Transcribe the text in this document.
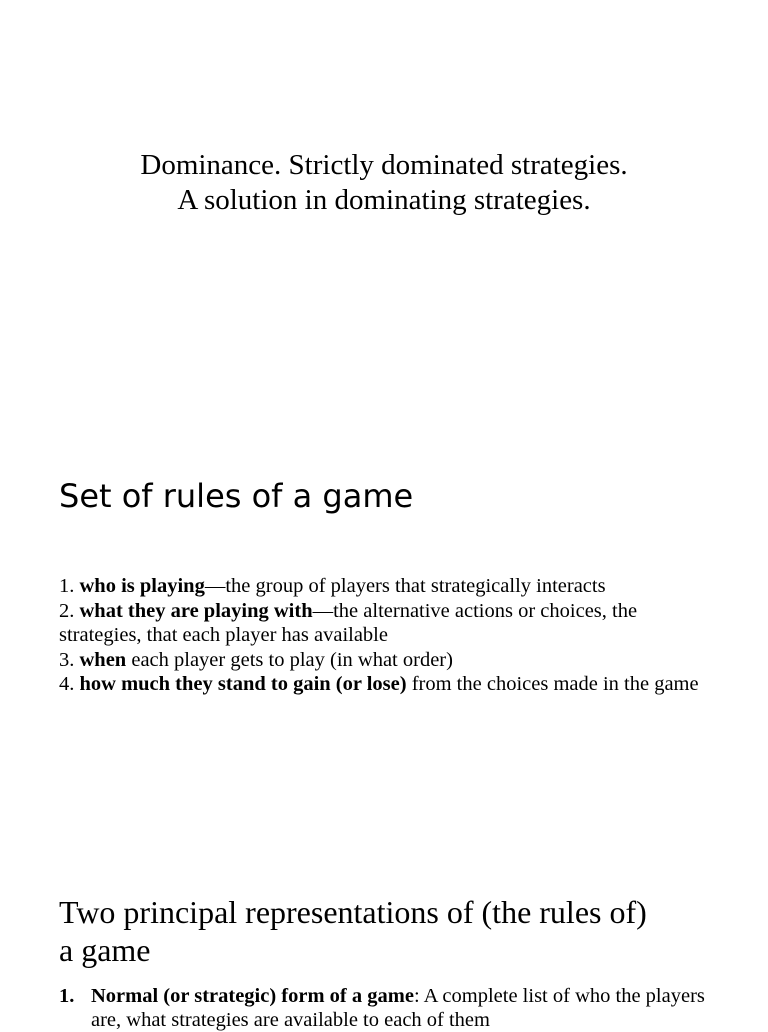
Dominance. Strictly dominated strategies.
A solution in dominating strategies.
Set of rules of a game

1. who is playing—the group of players that strategically interacts

2. what they are playing with—the alternative actions or choices, the strategies, that each player has available

3. when each player gets to play (in what order)

4. how much they stand to gain (or lose) from the choices made in the game

Two principal representations of (the rules of) a game
1. Normal (or strategic) form of a game: A complete list of who the players are, what strategies are available to each of them
